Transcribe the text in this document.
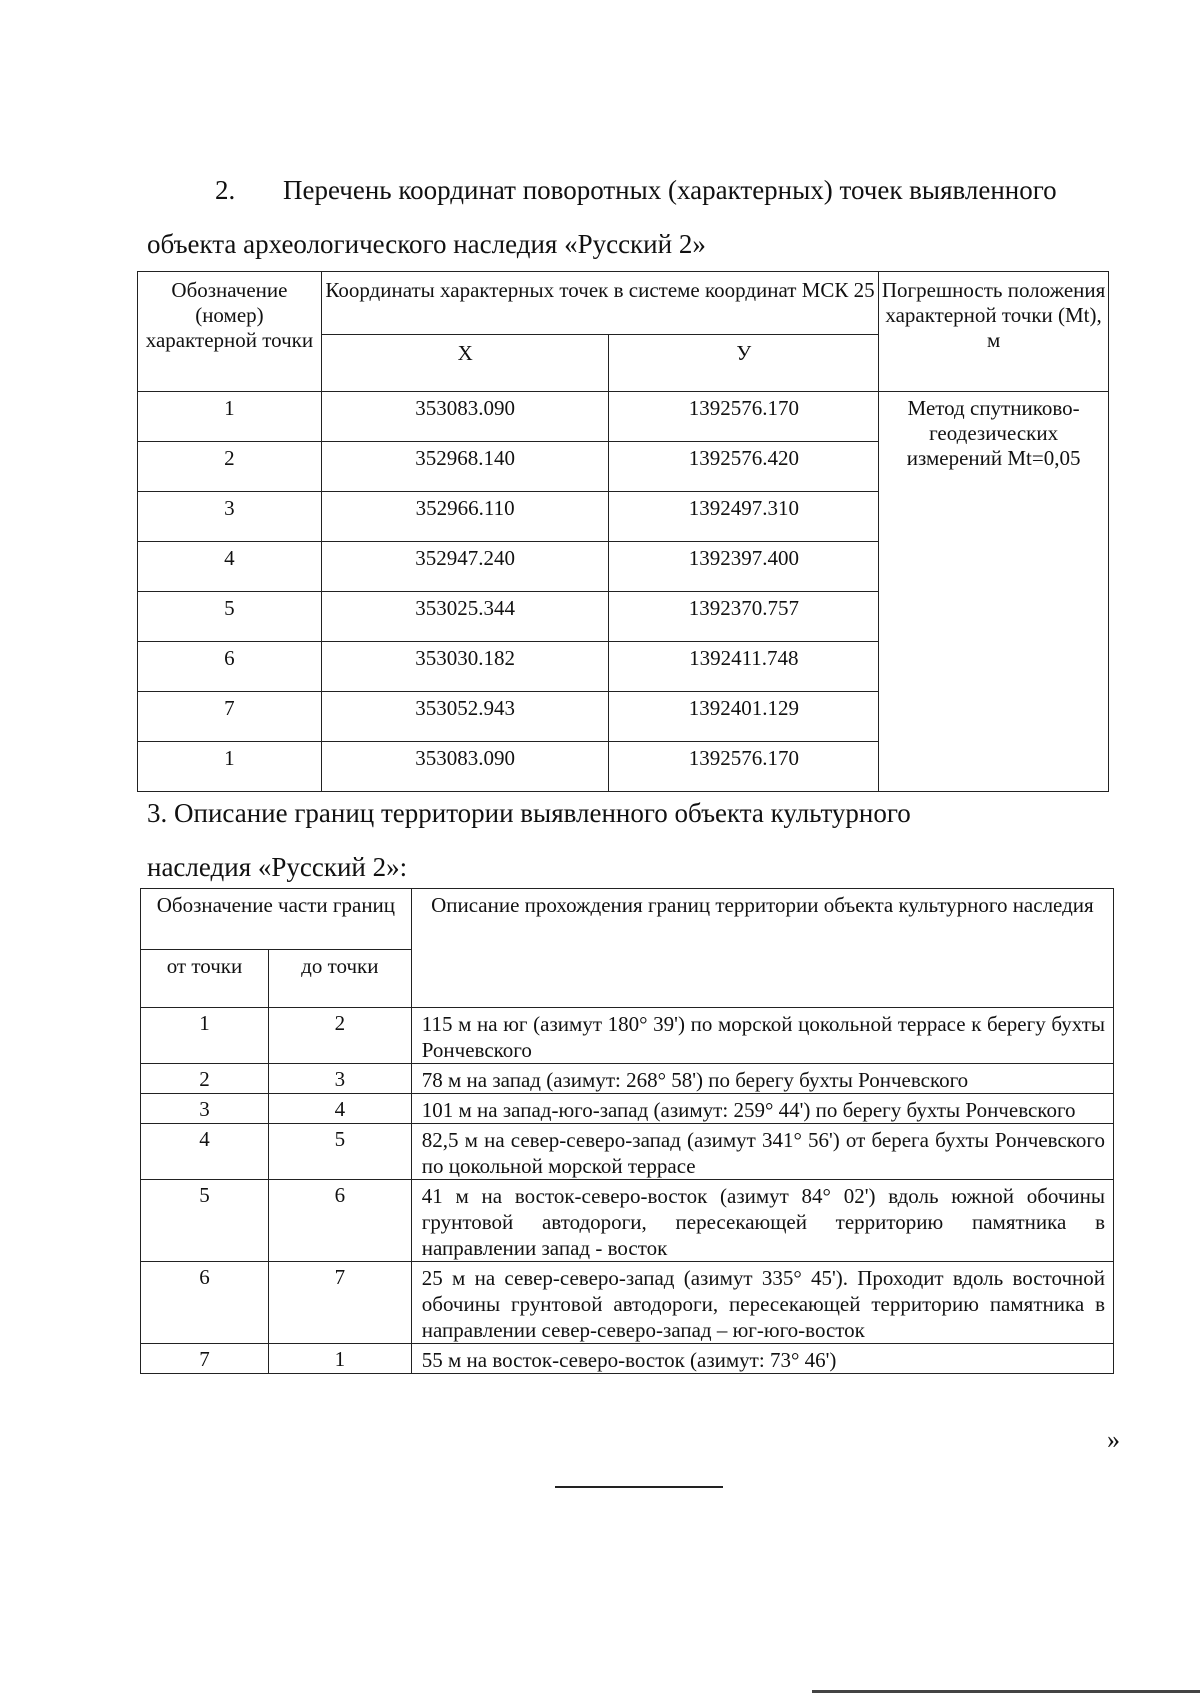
2. Перечень координат поворотных (характерных) точек выявленного
объекта археологического наследия «Русский 2»
Обозначение (номер) характерной точки	Координаты характерных точек в системе координат МСК 25		Погрешность положения характерной точки (Mt), м
	Х	У	
1	353083.090	1392576.170	Метод спутниково-геодезических измерений Mt=0,05
2	352968.140	1392576.420	
3	352966.110	1392497.310	
4	352947.240	1392397.400	
5	353025.344	1392370.757	
6	353030.182	1392411.748	
7	353052.943	1392401.129	
1	353083.090	1392576.170	
3. Описание границ территории выявленного объекта культурного
наследия «Русский 2»:
Обозначение части границ		Описание прохождения границ территории объекта культурного наследия
от точки	до точки	
1	2	115 м на юг (азимут 180° 39') по морской цокольной террасе к берегу бухты Рончевского
2	3	78 м на запад (азимут: 268° 58') по берегу бухты Рончевского
3	4	101 м на запад-юго-запад (азимут: 259° 44') по берегу бухты Рончевского
4	5	82,5 м на север-северо-запад (азимут 341° 56') от берега бухты Рончевского по цокольной морской террасе
5	6	41 м на восток-северо-восток (азимут 84° 02') вдоль южной обочины грунтовой автодороги, пересекающей территорию памятника в направлении запад - восток
6	7	25 м на север-северо-запад (азимут 335° 45'). Проходит вдоль восточной обочины грунтовой автодороги, пересекающей территорию памятника в направлении север-северо-запад – юг-юго-восток
7	1	55 м на восток-северо-восток (азимут: 73° 46')
»
